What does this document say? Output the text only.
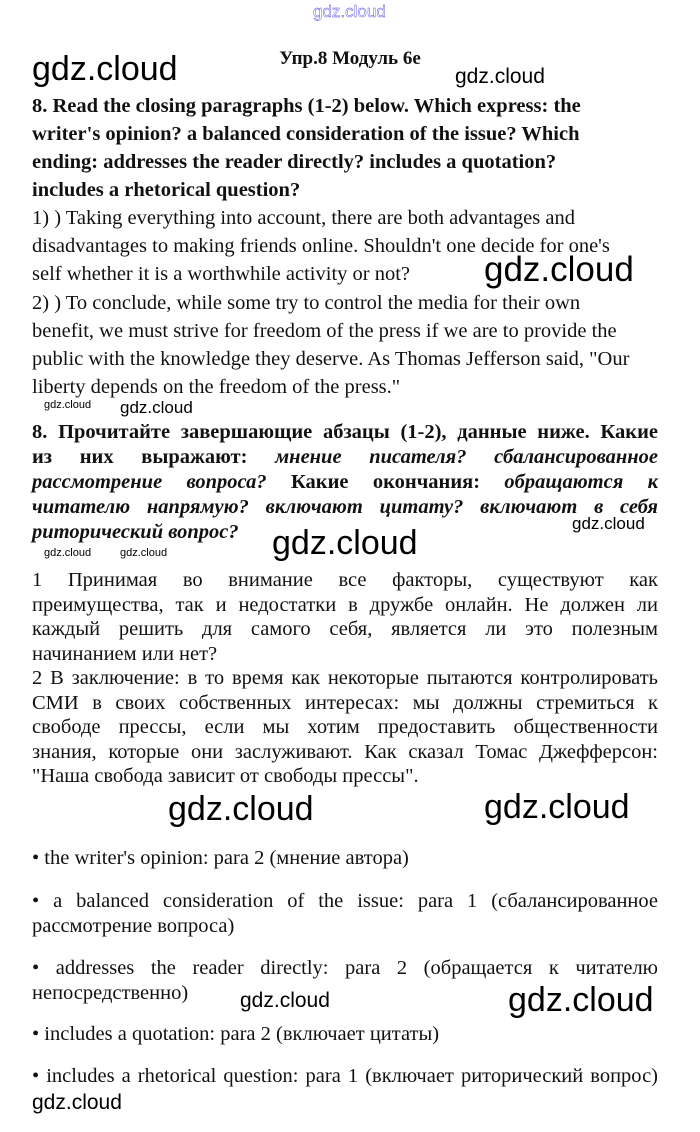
Упр.8 Модуль 6е
8. Read the closing paragraphs (1-2) below. Which express: the
writer's opinion? a balanced consideration of the issue? Which
ending: addresses the reader directly? includes a quotation?
includes a rhetorical question?
1) ) Taking everything into account, there are both advantages and
disadvantages to making friends online. Shouldn't one decide for one's
self whether it is a worthwhile activity or not?
2) ) To conclude, while some try to control the media for their own
benefit, we must strive for freedom of the press if we are to provide the
public with the knowledge they deserve. As Thomas Jefferson said, "Our
liberty depends on the freedom of the press."
8. Прочитайте завершающие абзацы (1-2), данные ниже. Какие
из них выражают: мнение писателя? сбалансированное
рассмотрение вопроса? Какие окончания: обращаются к
читателю напрямую? включают цитату? включают в себя
риторический вопрос?
1 Принимая во внимание все факторы, существуют как
преимущества, так и недостатки в дружбе онлайн. Не должен ли
каждый решить для самого себя, является ли это полезным
начинанием или нет?
2 В заключение: в то время как некоторые пытаются контролировать
СМИ в своих собственных интересах: мы должны стремиться к
свободе прессы, если мы хотим предоставить общественности
знания, которые они заслуживают. Как сказал Томас Джефферсон:
"Наша свобода зависит от свободы прессы".
• the writer's opinion: para 2 (мнение автора)
• a balanced consideration of the issue: para 1 (сбалансированное
рассмотрение вопроса)
• addresses the reader directly: para 2 (обращается к читателю
непосредственно)
• includes a quotation: para 2 (включает цитаты)
• includes a rhetorical question: para 1 (включает риторический вопрос)
gdz.cloud
gdz.cloud	gdz.cloud
gdz.cloud
gdz.cloud gdz.cloud
gdz.cloud	gdz.cloud
gdz.cloud
gdz.cloud
gdz.cloud
gdz.cloud
gdz.cloud	gdz.cloud
gdz.cloud
